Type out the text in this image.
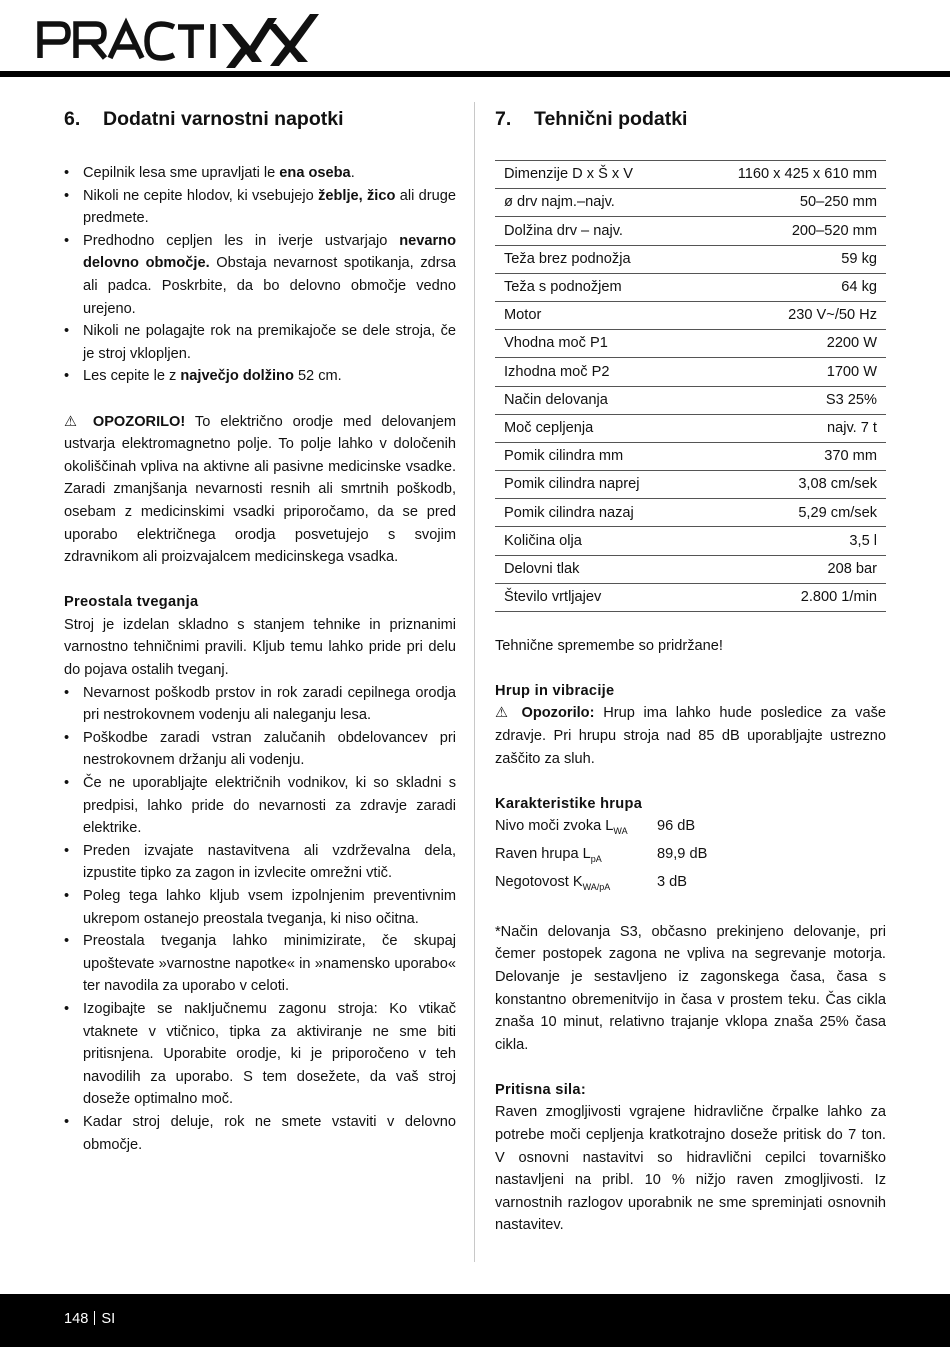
6.	Dodatni varnostni napotki
• Cepilnik lesa sme upravljati le ena oseba.
• Nikoli ne cepite hlodov, ki vsebujejo žeblje, žico ali druge predmete.
• Predhodno cepljen les in iverje ustvarjajo nevarno delovno območje. Obstaja nevarnost spotikanja, zdrsa ali padca. Poskrbite, da bo delovno območje vedno urejeno.
• Nikoli ne polagajte rok na premikajoče se dele stroja, če je stroj vklopljen.
• Les cepite le z največjo dolžino 52 cm.

⚠ OPOZORILO! To električno orodje med delovanjem ustvarja elektromagnetno polje. To polje lahko v določenih okoliščinah vpliva na aktivne ali pasivne medicinske vsadke. Zaradi zmanjšanja nevarnosti resnih ali smrtnih poškodb, osebam z medicinskimi vsadki priporočamo, da se pred uporabo električnega orodja posvetujejo s svojim zdravnikom ali proizvajalcem medicinskega vsadka.

Preostala tveganja

Stroj je izdelan skladno s stanjem tehnike in priznanimi varnostno tehničnimi pravili. Kljub temu lahko pride pri delu do pojava ostalih tveganj.

• Nevarnost poškodb prstov in rok zaradi cepilnega orodja pri nestrokovnem vodenju ali naleganju lesa.
• Poškodbe zaradi vstran zalučanih obdelovancev pri nestrokovnem držanju ali vodenju.
• Če ne uporabljajte električnih vodnikov, ki so skladni s predpisi, lahko pride do nevarnosti za zdravje zaradi elektrike.
• Preden izvajate nastavitvena ali vzdrževalna dela, izpustite tipko za zagon in izvlecite omrežni vtič.
• Poleg tega lahko kljub vsem izpolnjenim preventivnim ukrepom ostanejo preostala tveganja, ki niso očitna.
• Preostala tveganja lahko minimizirate, če skupaj upoštevate »varnostne napotke« in »namensko uporabo« ter navodila za uporabo v celoti.
• Izogibajte se nakIjučnemu zagonu stroja: Ko vtikač vtaknete v vtičnico, tipka za aktiviranje ne sme biti pritisnjena. Uporabite orodje, ki je priporočeno v teh navodilih za uporabo. S tem dosežete, da vaš stroj doseže optimalno moč.
• Kadar stroj deluje, rok ne smete vstaviti v delovno območje.
7.	Tehnični podatki
Dimenzije D x Š x V	1160 x 425 x 610 mm
ø drv najm.–najv.	50–250 mm
Dolžina drv – najv.	200–520 mm
Teža brez podnožja	59 kg
Teža s podnožjem	64 kg
Motor	230 V~/50 Hz
Vhodna moč P1	2200 W
Izhodna moč P2	1700 W
Način delovanja	S3 25%
Moč cepljenja	najv. 7 t
Pomik cilindra mm	370 mm
Pomik cilindra naprej	3,08 cm/sek
Pomik cilindra nazaj	5,29 cm/sek
Količina olja	3,5 l
Delovni tlak	208 bar
Število vrtljajev	2.800 1/min

Tehnične spremembe so pridržane!

Hrup in vibracije

⚠ Opozorilo: Hrup ima lahko hude posledice za vaše zdravje. Pri hrupu stroja nad 85 dB uporabljajte ustrezno zaščito za sluh.

Karakteristike hrupa
Nivo moči zvoka $L_{WA}$	96 dB
Raven hrupa $L_{pA}$	89,9 dB
Negotovost $K_{WA/pA}$	3 dB

*Način delovanja S3, občasno prekinjeno delovanje, pri čemer postopek zagona ne vpliva na segrevanje motorja. Delovanje je sestavljeno iz zagonskega časa, časa s konstantno obremenitvijo in časa v prostem teku. Čas cikla znaša 10 minut, relativno trajanje vklopa znaša 25% časa cikla.

Pritisna sila:

Raven zmogljivosti vgrajene hidravlične črpalke lahko za potrebe moči cepljenja kratkotrajno doseže pritisk do 7 ton. V osnovni nastavitvi so hidravlični cepilci tovarniško nastavljeni na pribl. 10 % nižjo raven zmogljivosti. Iz varnostnih razlogov uporabnik ne sme spreminjati osnovnih nastavitev.

148 SI
